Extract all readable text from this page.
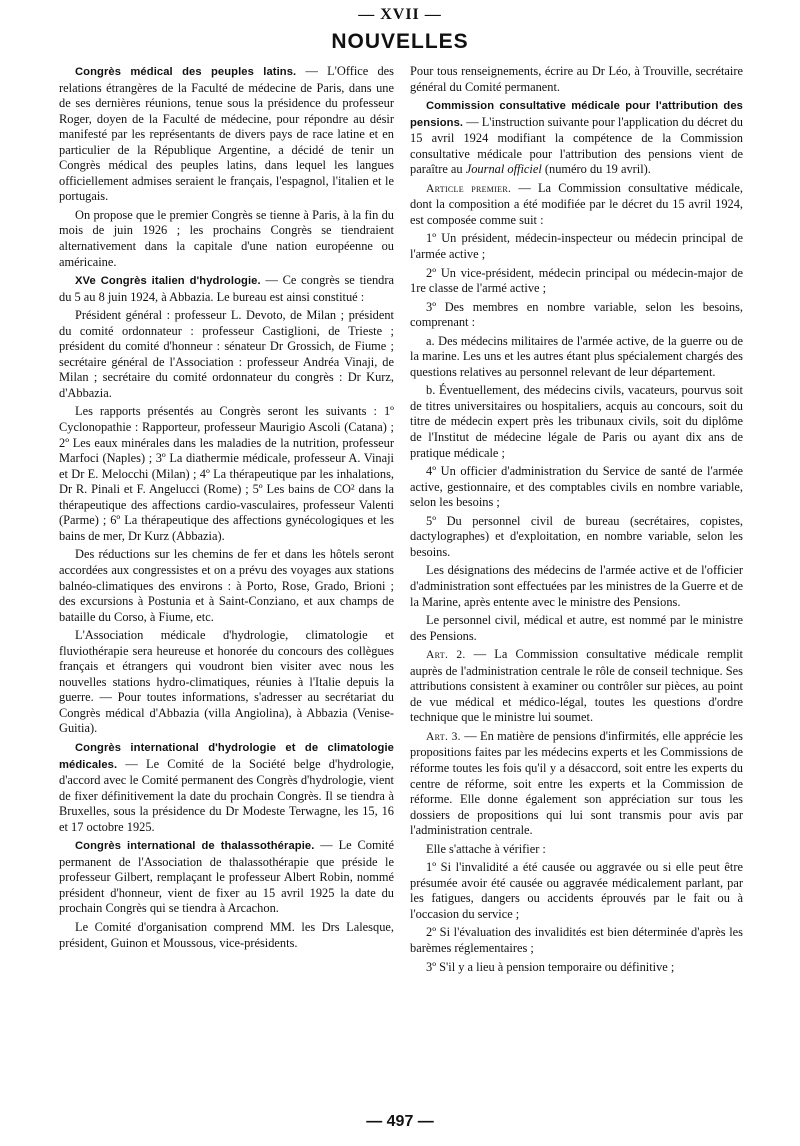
— XVII —
NOUVELLES

Congrès médical des peuples latins. — L'Office des relations étrangères de la Faculté de médecine de Paris, dans une de ses dernières réunions, tenue sous la présidence du professeur Roger, doyen de la Faculté de médecine, pour répondre au désir manifesté par les représentants de divers pays de race latine et en particulier de la République Argentine, a décidé de tenir un Congrès médical des peuples latins, dans lequel les langues officiellement admises seraient le français, l'espagnol, l'italien et le portugais.

On propose que le premier Congrès se tienne à Paris, à la fin du mois de juin 1926 ; les prochains Congrès se tiendraient alternativement dans la capitale d'une nation européenne ou américaine.

XVe Congrès italien d'hydrologie. — Ce congrès se tiendra du 5 au 8 juin 1924, à Abbazia. Le bureau est ainsi constitué :

Président général : professeur L. Devoto, de Milan ; président du comité ordonnateur : professeur Castiglioni, de Trieste ; président du comité d'honneur : sénateur Dr Grossich, de Fiume ; secrétaire général de l'Association : professeur Andréa Vinaji, de Milan ; secrétaire du comité ordonnateur du congrès : Dr Kurz, d'Abbazia.

Les rapports présentés au Congrès seront les suivants : 1º Cyclonopathie : Rapporteur, professeur Maurigio Ascoli (Catana) ; 2º Les eaux minérales dans les maladies de la nutrition, professeur Marfoci (Naples) ; 3º La diathermie médicale, professeur A. Vinaji et Dr E. Melocchi (Milan) ; 4º La thérapeutique par les inhalations, Dr R. Pinali et F. Angelucci (Rome) ; 5º Les bains de CO² dans la thérapeutique des affections cardio-vasculaires, professeur Valenti (Parme) ; 6º La thérapeutique des affections gynécologiques et les bains de mer, Dr Kurz (Abbazia).

Des réductions sur les chemins de fer et dans les hôtels seront accordées aux congressistes et on a prévu des voyages aux stations balnéo-climatiques des environs : à Porto, Rose, Grado, Brioni ; des excursions à Postunia et à Saint-Conziano, et aux champs de bataille du Corso, à Fiume, etc.

L'Association médicale d'hydrologie, climatologie et fluviothérapie sera heureuse et honorée du concours des collègues français et étrangers qui voudront bien visiter avec nous les nouvelles stations hydro-climatiques, réunies à l'Italie depuis la guerre. — Pour toutes informations, s'adresser au secrétariat du Congrès médical d'Abbazia (villa Angiolina), à Abbazia (Venise-Guitia).

Congrès international d'hydrologie et de climatologie médicales. — Le Comité de la Société belge d'hydrologie, d'accord avec le Comité permanent des Congrès d'hydrologie, vient de fixer définitivement la date du prochain Congrès. Il se tiendra à Bruxelles, sous la présidence du Dr Modeste Terwagne, les 15, 16 et 17 octobre 1925.

Congrès international de thalassothérapie. — Le Comité permanent de l'Association de thalassothérapie que préside le professeur Gilbert, remplaçant le professeur Albert Robin, nommé président d'honneur, vient de fixer au 15 avril 1925 la date du prochain Congrès qui se tiendra à Arcachon.

Le Comité d'organisation comprend MM. les Drs Lalesque, président, Guinon et Moussous, vice-présidents.

Pour tous renseignements, écrire au Dr Léo, à Trouville, secrétaire général du Comité permanent.

Commission consultative médicale pour l'attribution des pensions. — L'instruction suivante pour l'application du décret du 15 avril 1924 modifiant la compétence de la Commission consultative médicale pour l'attribution des pensions vient de paraître au Journal officiel (numéro du 19 avril).

Article premier. — La Commission consultative médicale, dont la composition a été modifiée par le décret du 15 avril 1924, est composée comme suit :

1º Un président, médecin-inspecteur ou médecin principal de l'armée active ;

2º Un vice-président, médecin principal ou médecin-major de 1re classe de l'armé active ;

3º Des membres en nombre variable, selon les besoins, comprenant :

a. Des médecins militaires de l'armée active, de la guerre ou de la marine. Les uns et les autres étant plus spécialement chargés des questions relatives au personnel relevant de leur département.

b. Éventuellement, des médecins civils, vacateurs, pourvus soit de titres universitaires ou hospitaliers, acquis au concours, soit du titre de médecin expert près les tribunaux civils, soit du diplôme de l'Institut de médecine légale de Paris ou ayant dix ans de pratique médicale ;

4º Un officier d'administration du Service de santé de l'armée active, gestionnaire, et des comptables civils en nombre variable, selon les besoins ;

5º Du personnel civil de bureau (secrétaires, copistes, dactylographes) et d'exploitation, en nombre variable, selon les besoins.

Les désignations des médecins de l'armée active et de l'officier d'administration sont effectuées par les ministres de la Guerre et de la Marine, après entente avec le ministre des Pensions.

Le personnel civil, médical et autre, est nommé par le ministre des Pensions.

Art. 2. — La Commission consultative médicale remplit auprès de l'administration centrale le rôle de conseil technique. Ses attributions consistent à examiner ou contrôler sur pièces, au point de vue médical et médico-légal, toutes les questions d'ordre technique que le ministre lui soumet.

Art. 3. — En matière de pensions d'infirmités, elle apprécie les propositions faites par les médecins experts et les Commissions de réforme toutes les fois qu'il y a désaccord, soit entre les experts du centre de réforme, soit entre les experts et la Commission de réforme. Elle donne également son appréciation sur tous les dossiers de propositions qui lui sont transmis pour avis par l'administration centrale.

Elle s'attache à vérifier :

1º Si l'invalidité a été causée ou aggravée ou si elle peut être présumée avoir été causée ou aggravée médicalement parlant, par les fatigues, dangers ou accidents éprouvés par le fait ou à l'occasion du service ;

2º Si l'évaluation des invalidités est bien déterminée d'après les barèmes réglementaires ;

3º S'il y a lieu à pension temporaire ou définitive ;

— 497 —
